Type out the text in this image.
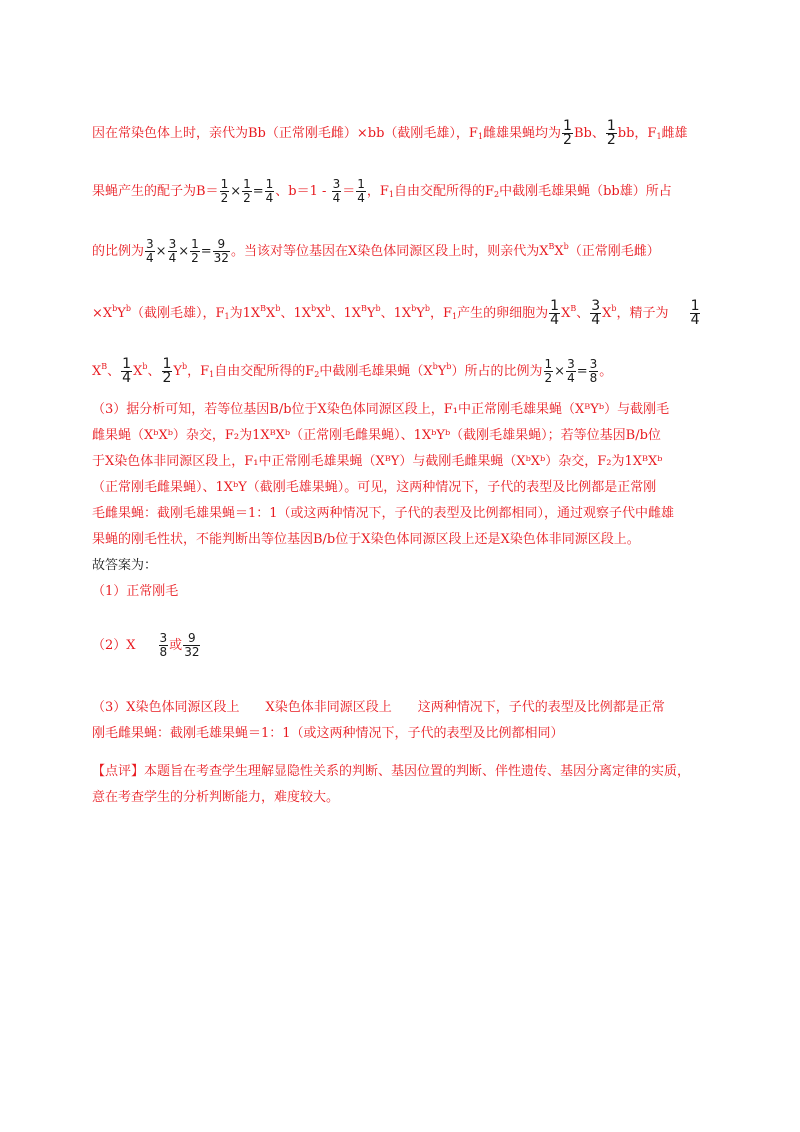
因在常染色体上时，亲代为Bb（正常刚毛雌）×bb（截刚毛雄），$F_1$雌雄果蝇均为 $\frac{1}{2}$ Bb、 $\frac{1}{2}$ bb，$F_1$雌雄
果蝇产生的配子为$B= \frac{1}{2} \times \frac{1}{2} = \frac{1}{4}$ 、$b=1 - \frac{3}{4} = \frac{1}{4}$ ，$F_1$自由交配所得的$F_2$中截刚毛雄果蝇（bb雄）所占
的比例为 $\frac{3}{4} \times \frac{3}{4} \times \frac{1}{2} = \frac{9}{32}$ 。当该对等位基因在X染色体同源区段上时，则亲代为$X^BX^b$（正常刚毛雌）
$\times X^bY^b$（截刚毛雄），$F_1$为$1X^BX^b$、$1X^bX^b$、$1X^BY^b$、$1X^bY^b$，$F_1$产生的卵细胞为 $\frac{1}{4} X^B$、 $\frac{3}{4} X^b$，精子为 $\frac{1}{4}$
$X^B$、 $\frac{1}{4} X^b$、 $\frac{1}{2} Y^b$，$F_1$自由交配所得的$F_2$中截刚毛雄果蝇$(X^bY^b)$所占的比例为 $\frac{1}{2} \times \frac{3}{4} = \frac{3}{8}$ 。
（3）据分析可知，若等位基因B/b位于X染色体同源区段上，F₁中正常刚毛雄果蝇（XᴮYᵇ）与截刚毛
雌果蝇（XᵇXᵇ）杂交，F₂为1XᴮXᵇ（正常刚毛雌果蝇）、1XᵇYᵇ（截刚毛雄果蝇）；若等位基因B/b位
于X染色体非同源区段上，F₁中正常刚毛雄果蝇（XᴮY）与截刚毛雌果蝇（XᵇXᵇ）杂交，F₂为1XᴮXᵇ
（正常刚毛雌果蝇）、1XᵇY（截刚毛雄果蝇）。可见，这两种情况下，子代的表型及比例都是正常刚
毛雌果蝇：截刚毛雄果蝇＝1：1（或这两种情况下，子代的表型及比例都相同），通过观察子代中雌雄
果蝇的刚毛性状，不能判断出等位基因B/b位于X染色体同源区段上还是X染色体非同源区段上。
故答案为：
（1）正常刚毛
$(2)X \frac{3}{8}$ 或 $\frac{9}{32}$
（3）X染色体同源区段上　　X染色体非同源区段上　　这两种情况下，子代的表型及比例都是正常
刚毛雌果蝇：截刚毛雄果蝇＝1：1（或这两种情况下，子代的表型及比例都相同）
【点评】本题旨在考查学生理解显隐性关系的判断、基因位置的判断、伴性遗传、基因分离定律的实质，
意在考查学生的分析判断能力，难度较大。
